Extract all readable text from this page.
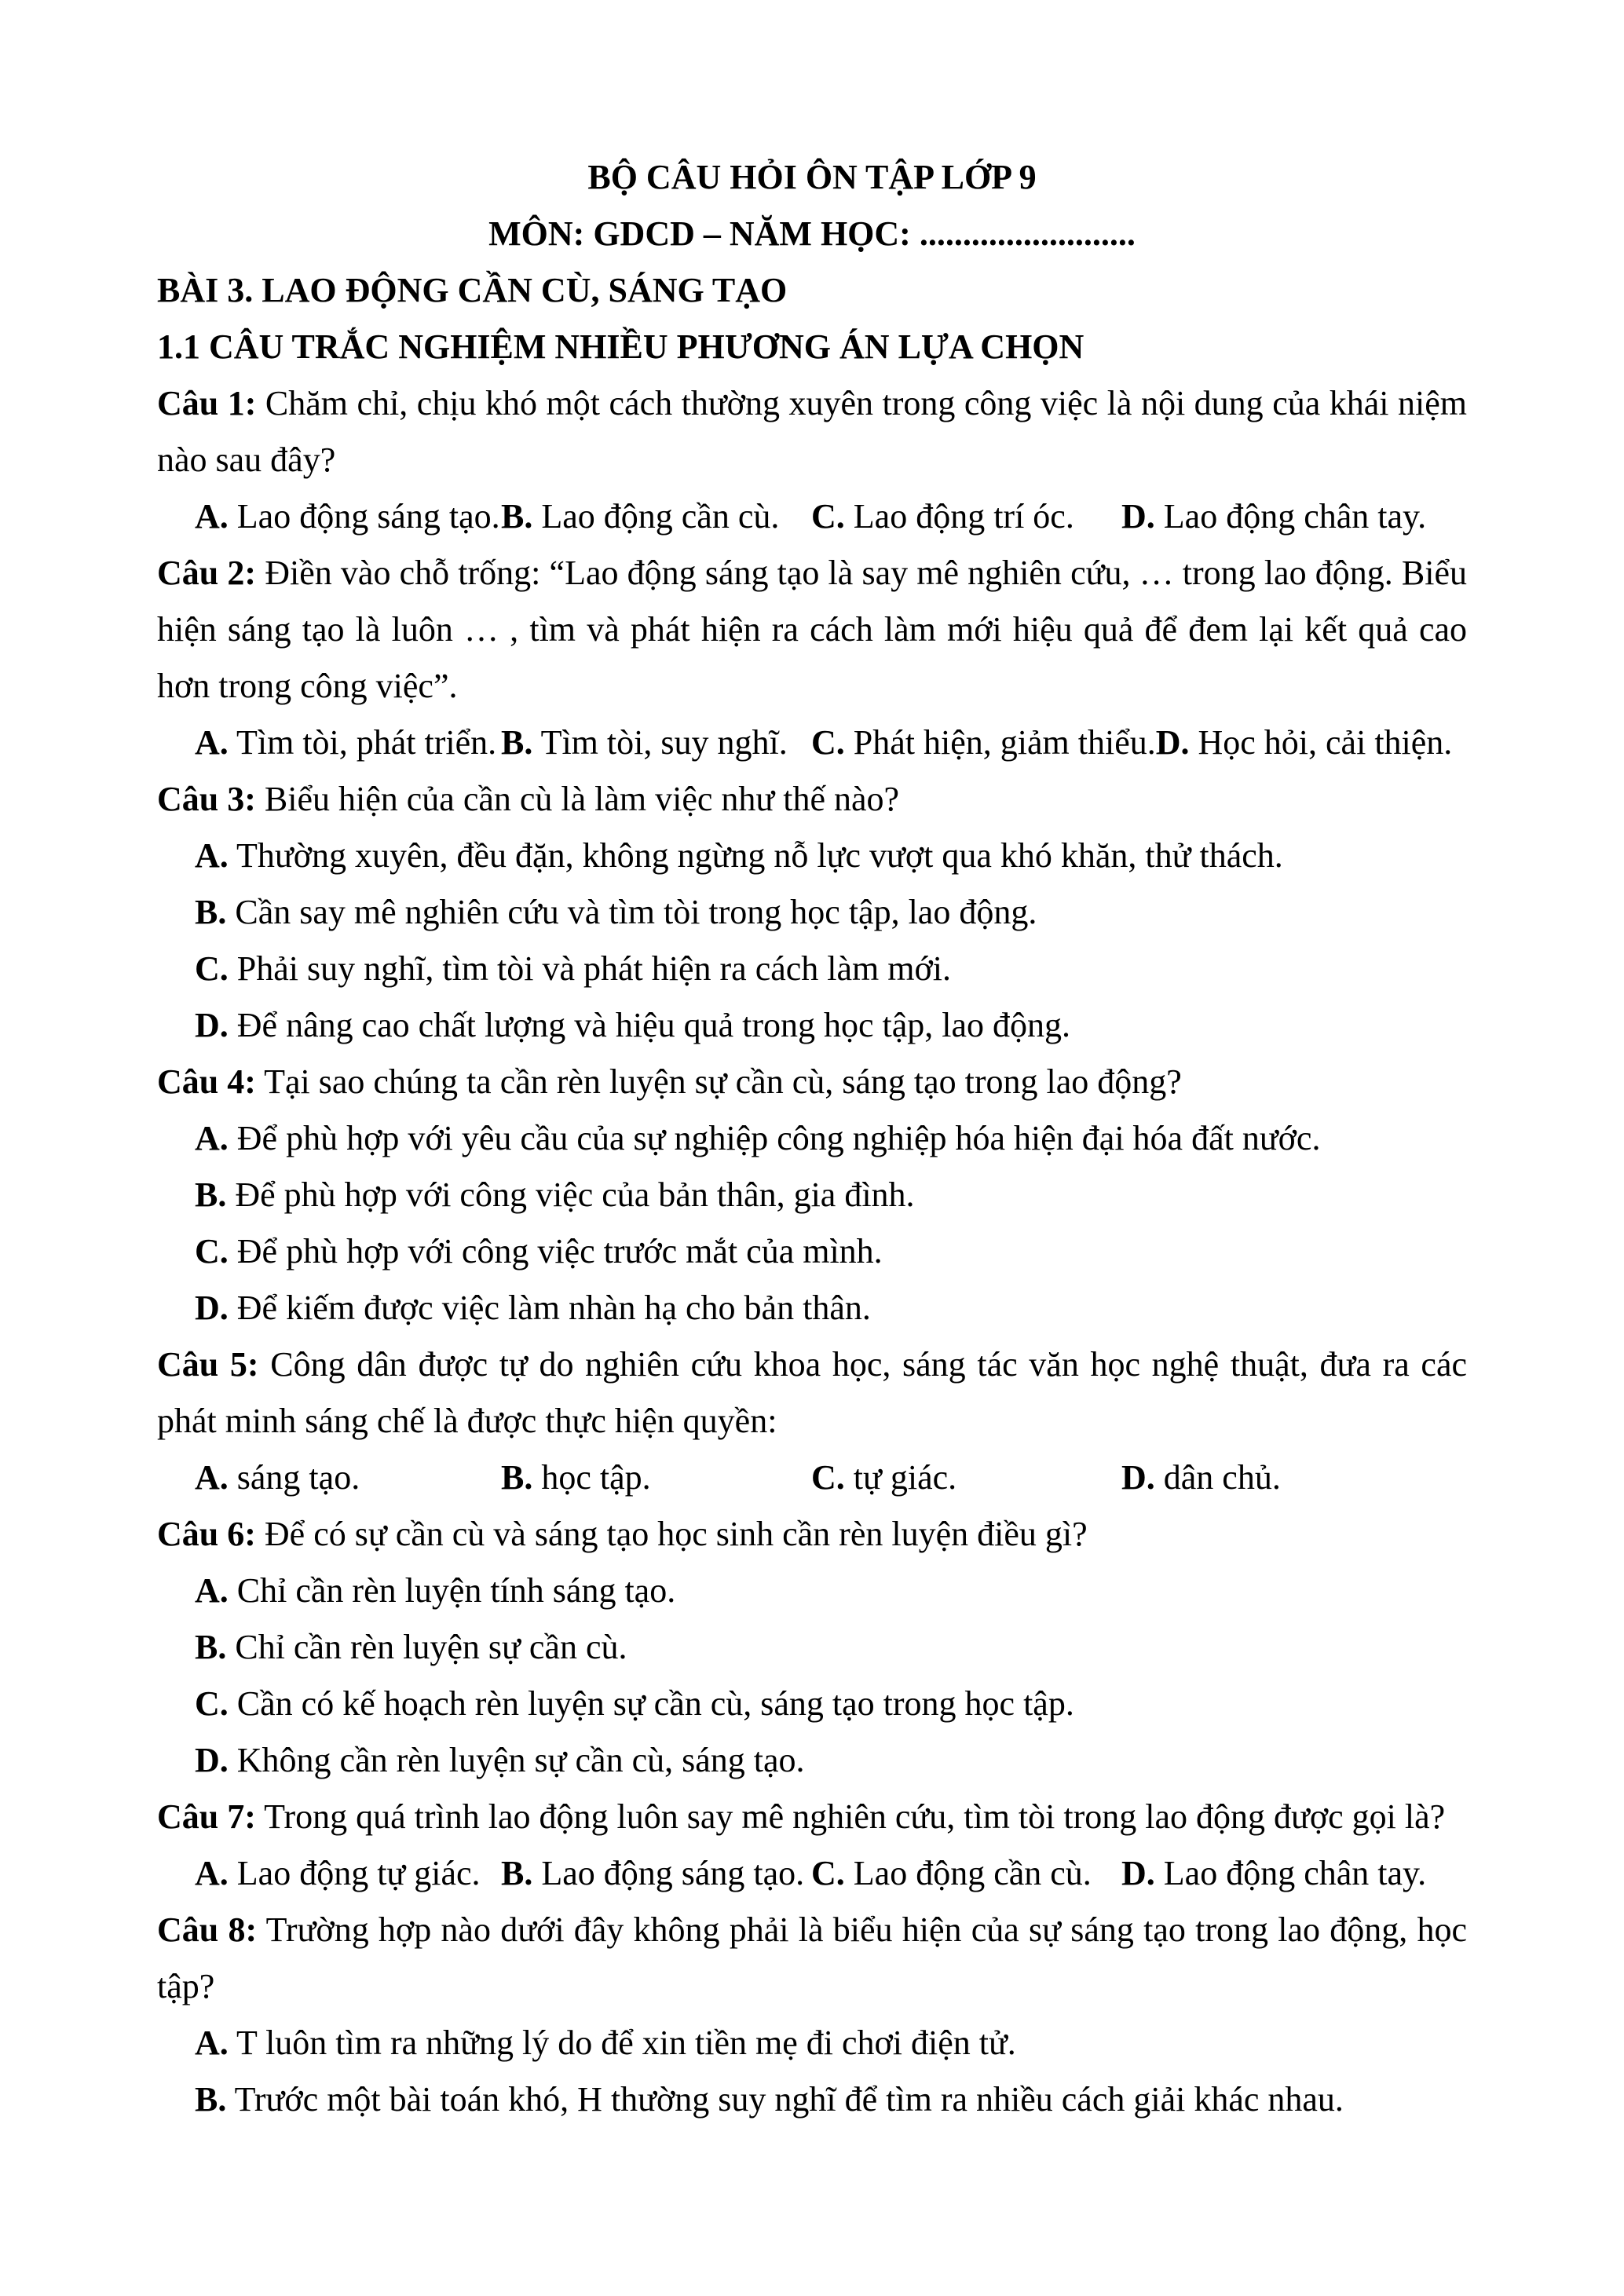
BỘ CÂU HỎI ÔN TẬP LỚP 9

MÔN: GDCD – NĂM HỌC: .........................

BÀI 3. LAO ĐỘNG CẦN CÙ, SÁNG TẠO

1.1 CÂU TRẮC NGHIỆM NHIỀU PHƯƠNG ÁN LỰA CHỌN

Câu 1: Chăm chỉ, chịu khó một cách thường xuyên trong công việc là nội dung của khái niệm nào sau đây?

A. Lao động sáng tạo. B. Lao động cần cù. C. Lao động trí óc.	D. Lao động chân tay.

Câu 2: Điền vào chỗ trống: “Lao động sáng tạo là say mê nghiên cứu, … trong lao động. Biểu hiện sáng tạo là luôn … , tìm và phát hiện ra cách làm mới hiệu quả để đem lại kết quả cao hơn trong công việc”.

A. Tìm tòi, phát triển. B. Tìm tòi, suy nghĩ. C. Phát hiện, giảm thiểu. D. Học hỏi, cải thiện.

Câu 3: Biểu hiện của cần cù là làm việc như thế nào?

A. Thường xuyên, đều đặn, không ngừng nỗ lực vượt qua khó khăn, thử thách.

B. Cần say mê nghiên cứu và tìm tòi trong học tập, lao động.

C. Phải suy nghĩ, tìm tòi và phát hiện ra cách làm mới.

D. Để nâng cao chất lượng và hiệu quả trong học tập, lao động.

Câu 4: Tại sao chúng ta cần rèn luyện sự cần cù, sáng tạo trong lao động?

A. Để phù hợp với yêu cầu của sự nghiệp công nghiệp hóa hiện đại hóa đất nước.

B. Để phù hợp với công việc của bản thân, gia đình.

C. Để phù hợp với công việc trước mắt của mình.

D. Để kiếm được việc làm nhàn hạ cho bản thân.

Câu 5: Công dân được tự do nghiên cứu khoa học, sáng tác văn học nghệ thuật, đưa ra các phát minh sáng chế là được thực hiện quyền:

A. sáng tạo.	B. học tập.	C. tự giác.	D. dân chủ.

Câu 6: Để có sự cần cù và sáng tạo học sinh cần rèn luyện điều gì?

A. Chỉ cần rèn luyện tính sáng tạo.

B. Chỉ cần rèn luyện sự cần cù.

C. Cần có kế hoạch rèn luyện sự cần cù, sáng tạo trong học tập.

D. Không cần rèn luyện sự cần cù, sáng tạo.

Câu 7: Trong quá trình lao động luôn say mê nghiên cứu, tìm tòi trong lao động được gọi là?

A. Lao động tự giác. B. Lao động sáng tạo. C. Lao động cần cù. D. Lao động chân tay.

Câu 8: Trường hợp nào dưới đây không phải là biểu hiện của sự sáng tạo trong lao động, học tập?

A. T luôn tìm ra những lý do để xin tiền mẹ đi chơi điện tử.

B. Trước một bài toán khó, H thường suy nghĩ để tìm ra nhiều cách giải khác nhau.
